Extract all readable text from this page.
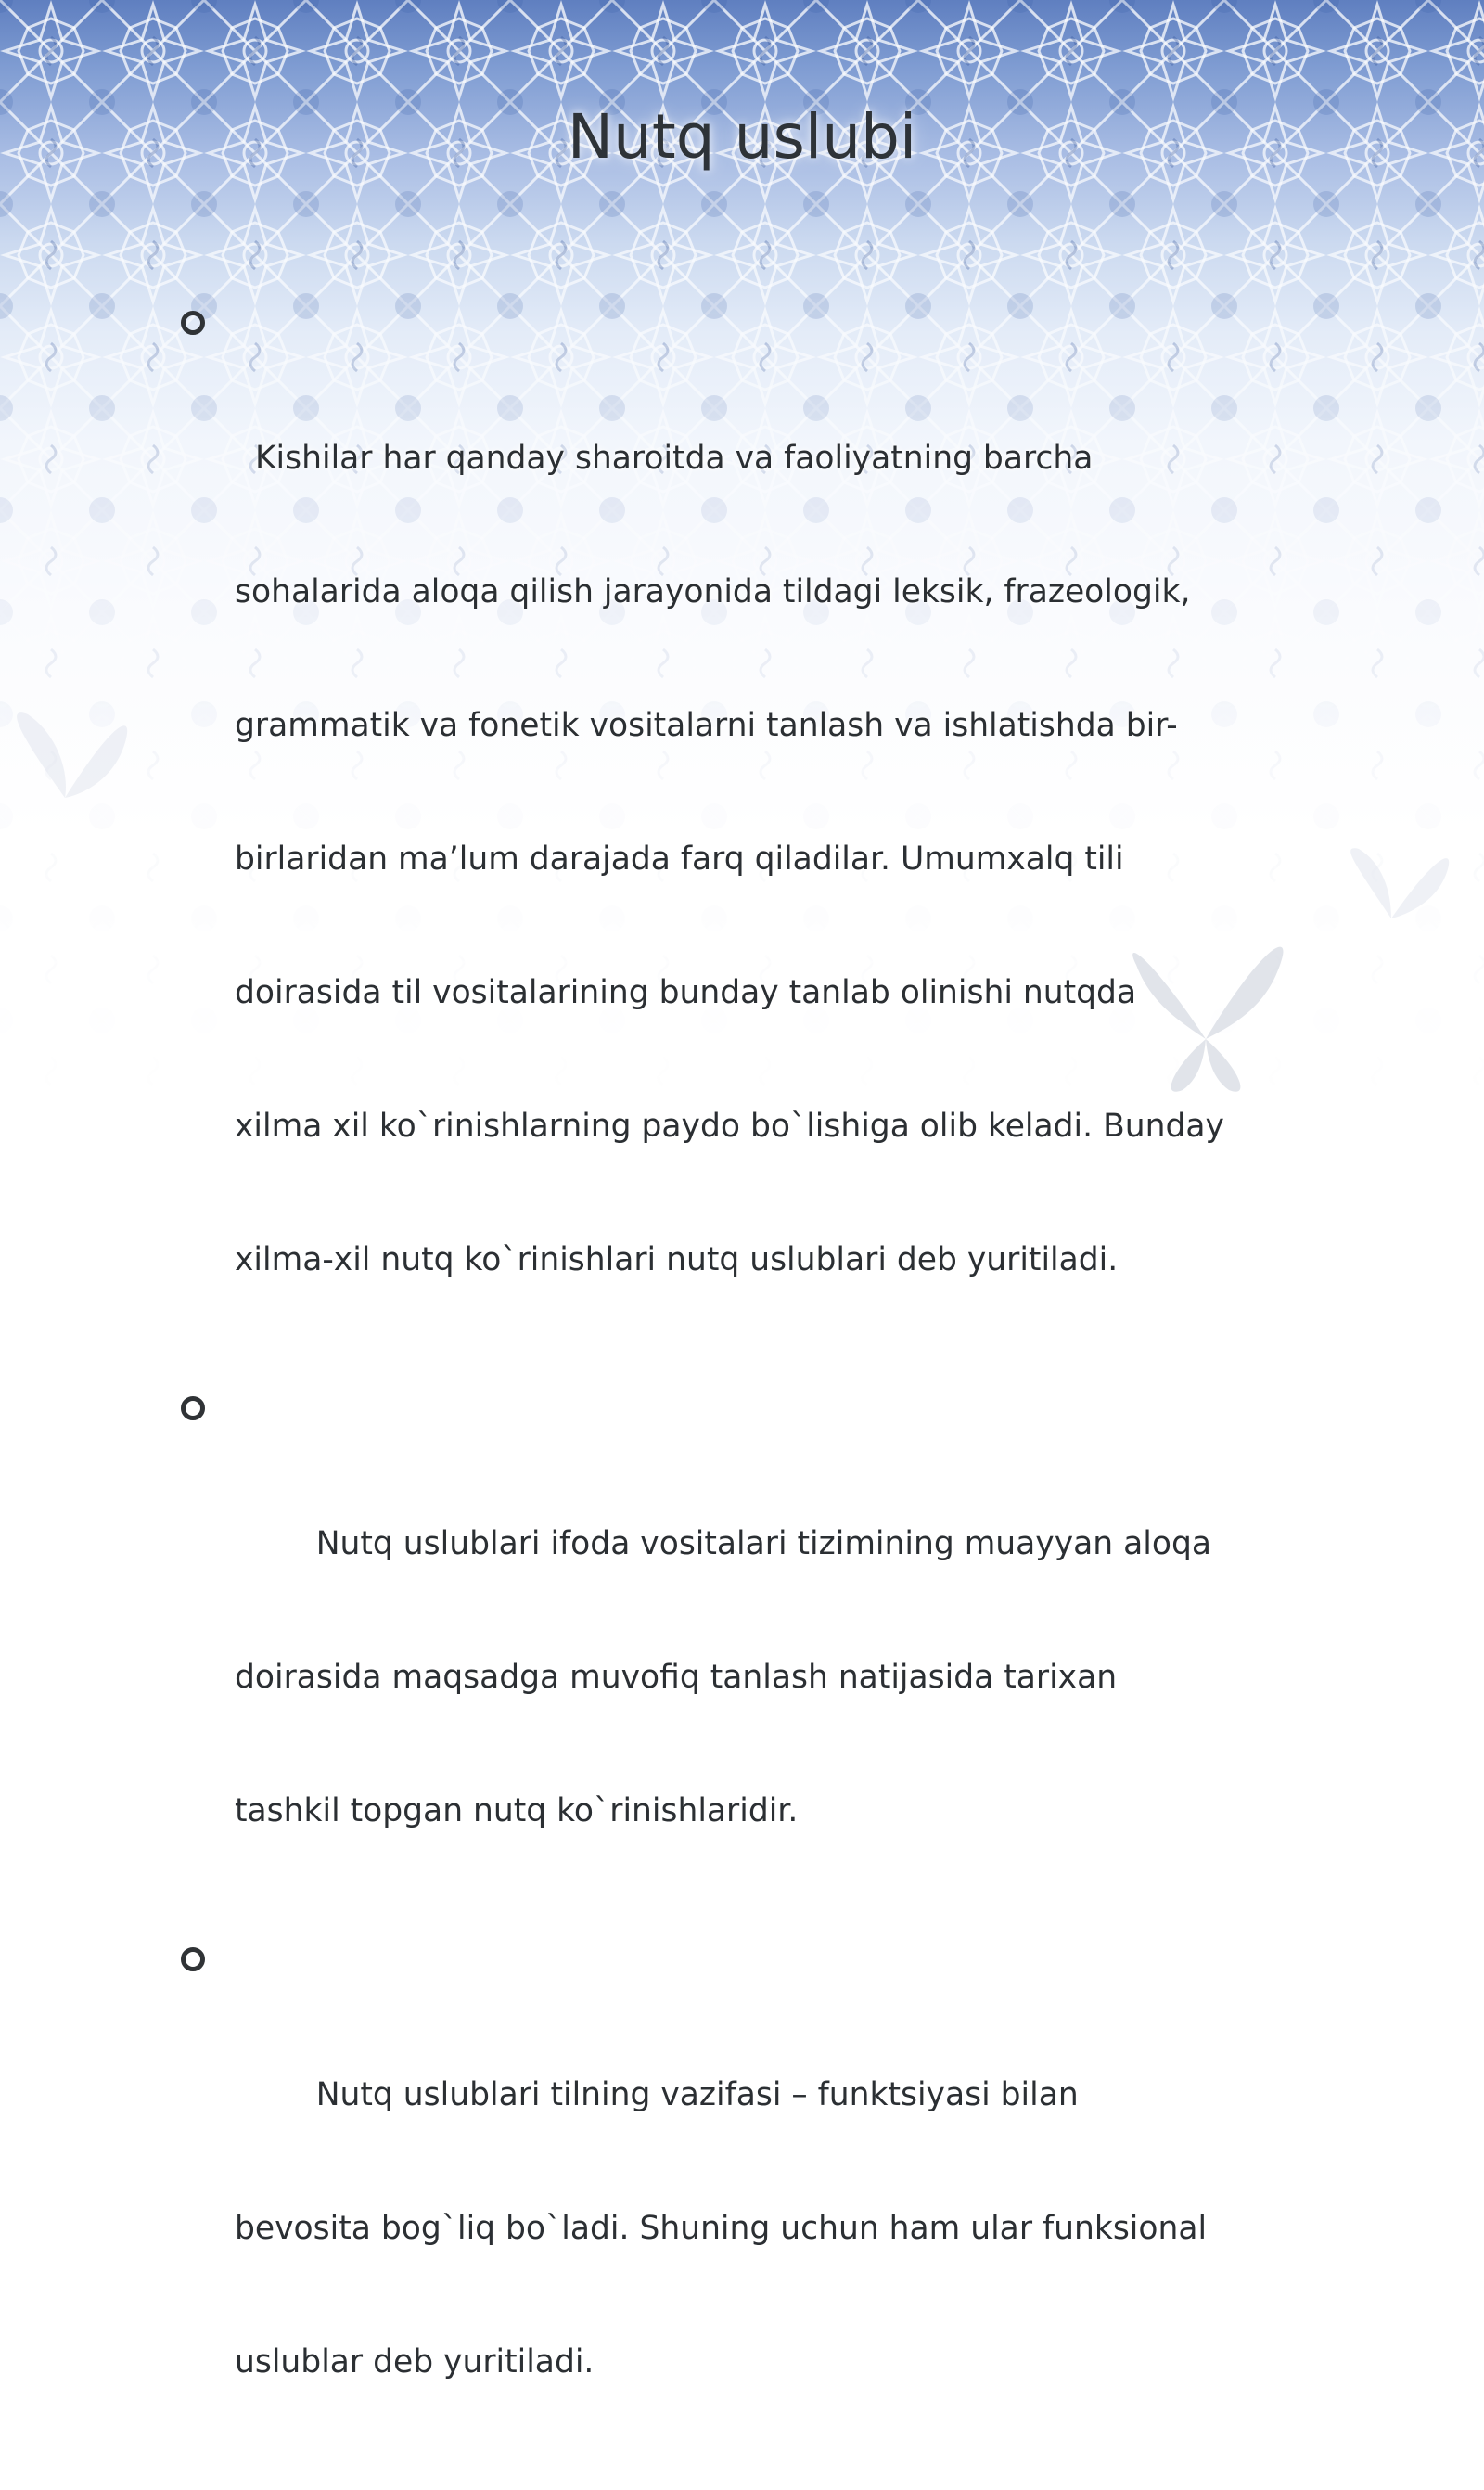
Nutq uslubi

Kishilar har qanday sharoitda va faoliyatning barcha

sohalarida aloqa qilish jarayonida tildagi leksik, frazeologik,

grammatik va fonetik vositalarni tanlash va ishlatishda bir-

birlaridan ma’lum darajada farq qiladilar. Umumxalq tili

doirasida til vositalarining bunday tanlab olinishi nutqda

xilma xil ko`rinishlarning paydo bo`lishiga olib keladi. Bunday

xilma-xil nutq ko`rinishlari nutq uslublari deb yuritiladi.

Nutq uslublari ifoda vositalari tizimining muayyan aloqa

doirasida maqsadga muvofiq tanlash natijasida tarixan

tashkil topgan nutq ko`rinishlaridir.

Nutq uslublari tilning vazifasi – funktsiyasi bilan

bevosita bog`liq bo`ladi. Shuning uchun ham ular funksional

uslublar deb yuritiladi.
